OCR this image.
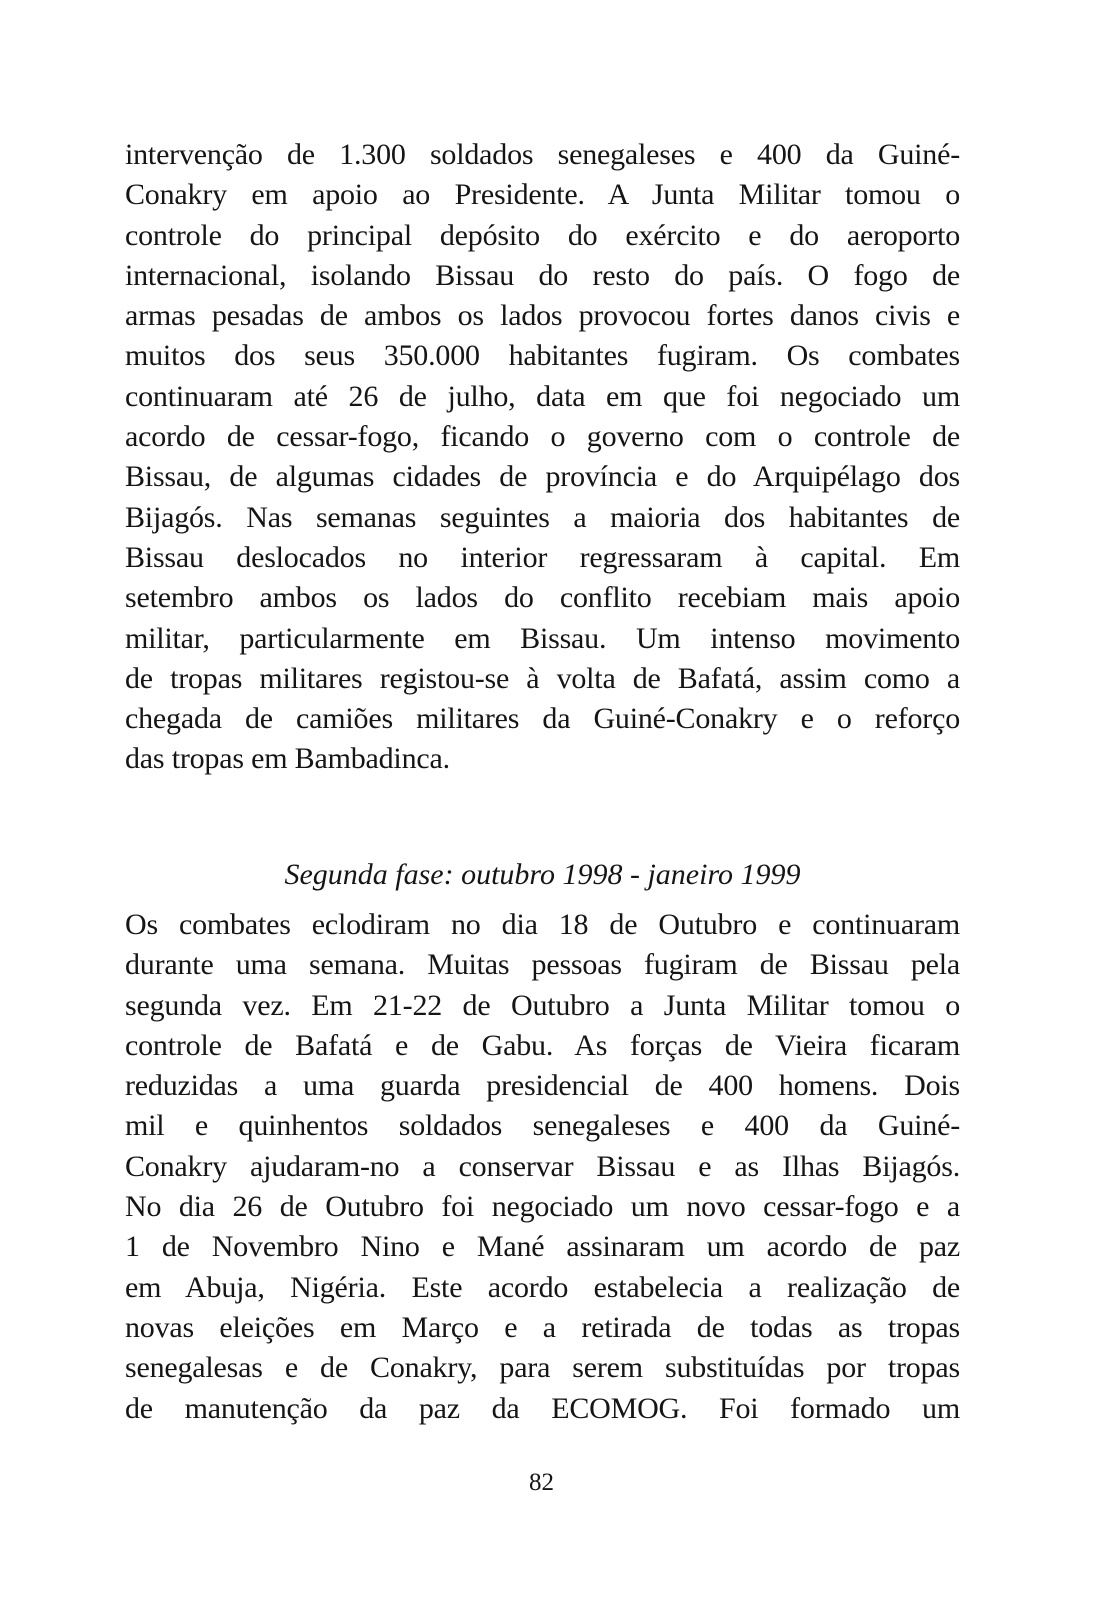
intervenção de 1.300 soldados senegaleses e 400 da Guiné-
Conakry em apoio ao Presidente. A Junta Militar tomou o
controle do principal depósito do exército e do aeroporto
internacional, isolando Bissau do resto do país. O fogo de
armas pesadas de ambos os lados provocou fortes danos civis e
muitos dos seus 350.000 habitantes fugiram. Os combates
continuaram até 26 de julho, data em que foi negociado um
acordo de cessar-fogo, ficando o governo com o controle de
Bissau, de algumas cidades de província e do Arquipélago dos
Bijagós. Nas semanas seguintes a maioria dos habitantes de
Bissau deslocados no interior regressaram à capital. Em
setembro ambos os lados do conflito recebiam mais apoio
militar, particularmente em Bissau. Um intenso movimento
de tropas militares registou-se à volta de Bafatá, assim como a
chegada de camiões militares da Guiné-Conakry e o reforço
das tropas em Bambadinca.
Segunda fase: outubro 1998 - janeiro 1999
Os combates eclodiram no dia 18 de Outubro e continuaram
durante uma semana. Muitas pessoas fugiram de Bissau pela
segunda vez. Em 21-22 de Outubro a Junta Militar tomou o
controle de Bafatá e de Gabu. As forças de Vieira ficaram
reduzidas a uma guarda presidencial de 400 homens. Dois
mil e quinhentos soldados senegaleses e 400 da Guiné-
Conakry ajudaram-no a conservar Bissau e as Ilhas Bijagós.
No dia 26 de Outubro foi negociado um novo cessar-fogo e a
1 de Novembro Nino e Mané assinaram um acordo de paz
em Abuja, Nigéria. Este acordo estabelecia a realização de
novas eleições em Março e a retirada de todas as tropas
senegalesas e de Conakry, para serem substituídas por tropas
de manutenção da paz da ECOMOG. Foi formado um
82
